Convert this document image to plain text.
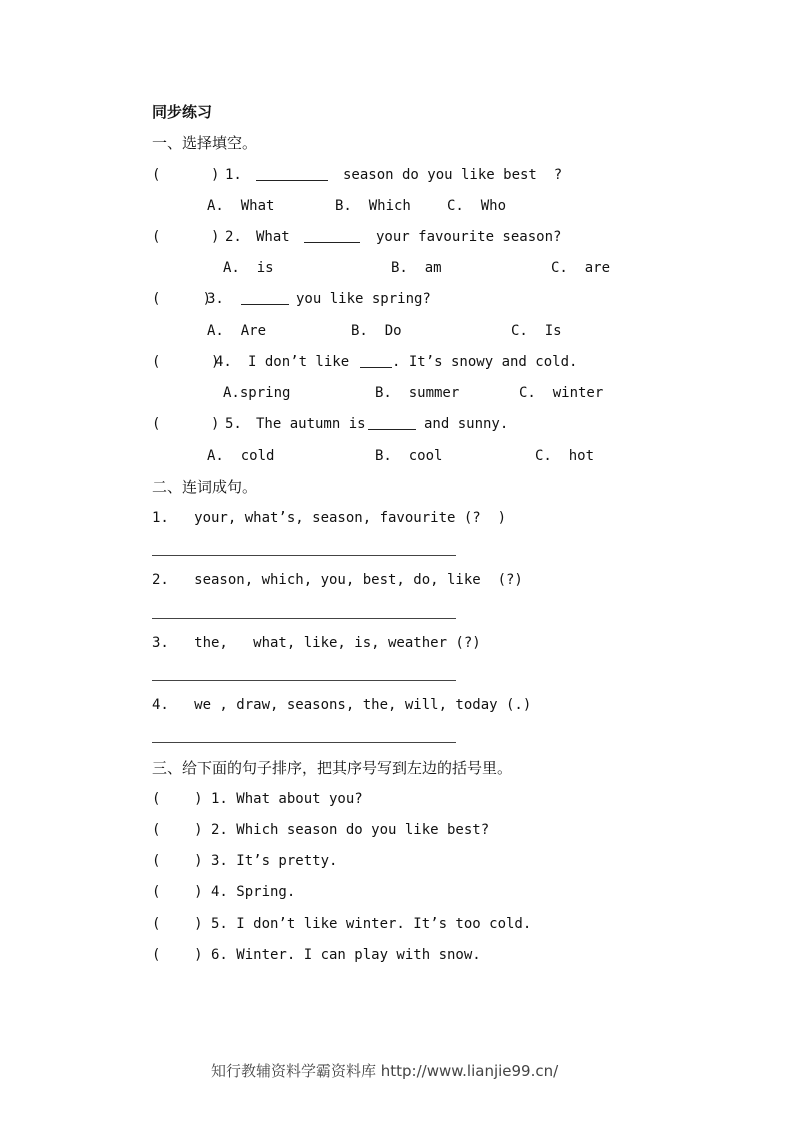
同步练习
一、选择填空。
(      ) 1.	season do you like best  ?
A.  What	B.  Which	C.  Who
(      ) 2. What	your favourite season?
A.  is	B.  am	C.  are
(     )
3.	you like spring?
A.  Are	B.  Do	C.  Is
(      )
4. I don’t like	. It’s snowy and cold.
A.spring	B.  summer	C.  winter
(      ) 5. The autumn is	and sunny.
A.  cold	B.  cool	C.  hot
二、连词成句。
1.   your, what’s, season, favourite (?  )
2.   season, which, you, best, do, like  (?)
3.   the,   what, like, is, weather (?)
4.   we , draw, seasons, the, will, today (.)
三、给下面的句子排序，把其序号写到左边的括号里。
(    ) 1. What about you?
(    ) 2. Which season do you like best?
(    ) 3. It’s pretty.
(    ) 4. Spring.
(    ) 5. I don’t like winter. It’s too cold.
(    ) 6. Winter. I can play with snow.
知行教辅资料学霸资料库 http://www.lianjie99.cn/
